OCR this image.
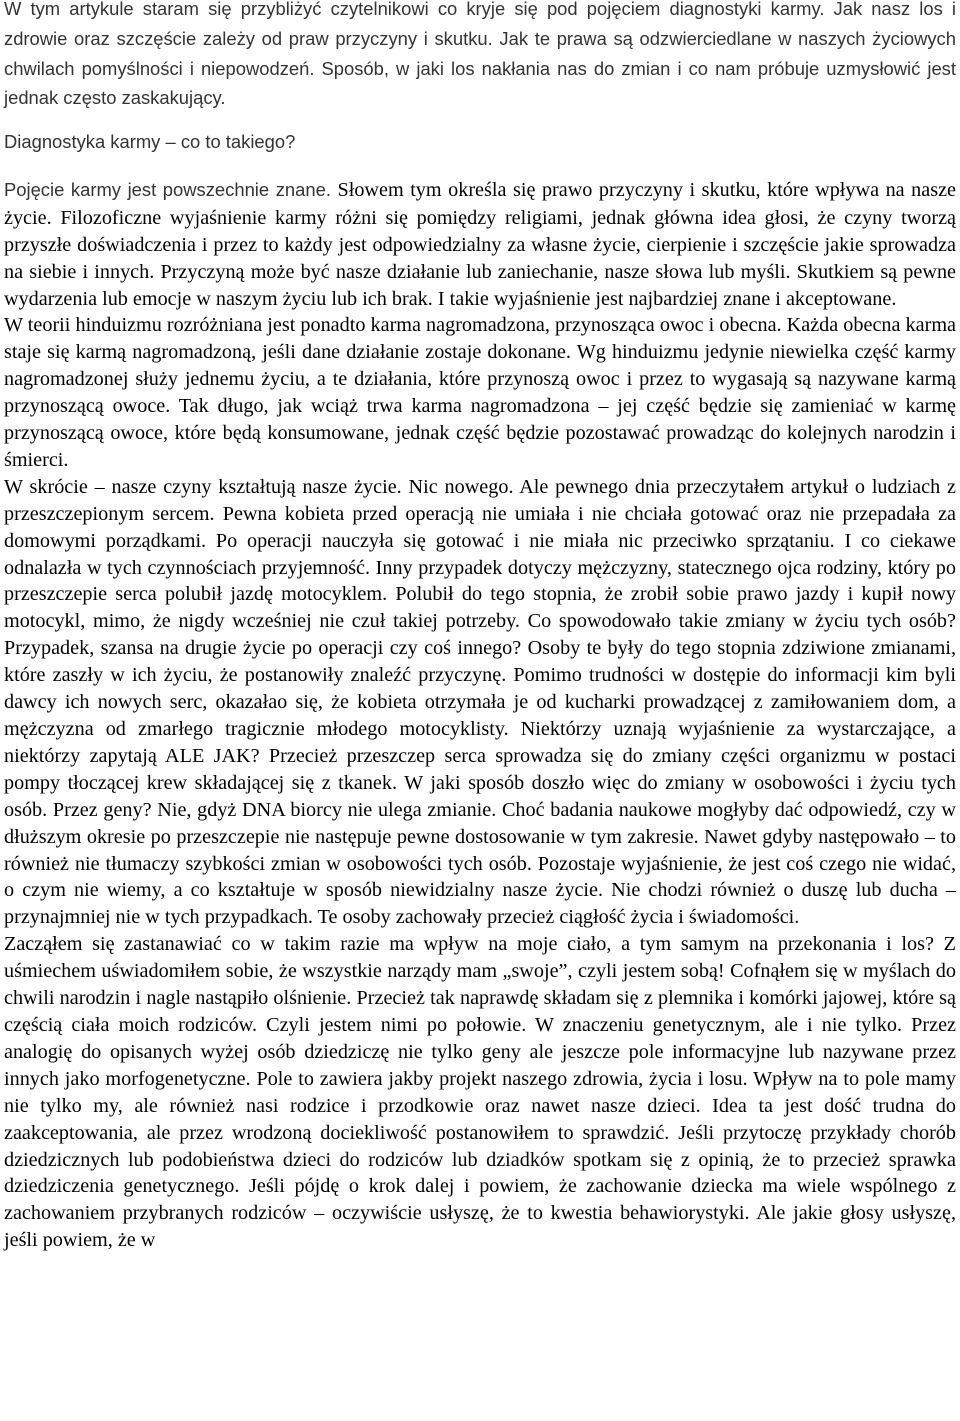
W tym artykule staram się przybliżyć czytelnikowi co kryje się pod pojęciem diagnostyki karmy. Jak nasz los i zdrowie oraz szczęście zależy od praw przyczyny i skutku. Jak te prawa są odzwierciedlane w naszych życiowych chwilach pomyślności i niepowodzeń. Sposób, w jaki los nakłania nas do zmian i co nam próbuje uzmysłowić jest jednak często zaskakujący.

Diagnostyka karmy – co to takiego?

Pojęcie karmy jest powszechnie znane. Słowem tym określa się prawo przyczyny i skutku, które wpływa na nasze życie. Filozoficzne wyjaśnienie karmy różni się pomiędzy religiami, jednak główna idea głosi, że czyny tworzą przyszłe doświadczenia i przez to każdy jest odpowiedzialny za własne życie, cierpienie i szczęście jakie sprowadza na siebie i innych. Przyczyną może być nasze działanie lub zaniechanie, nasze słowa lub myśli. Skutkiem są pewne wydarzenia lub emocje w naszym życiu lub ich brak. I takie wyjaśnienie jest najbardziej znane i akceptowane.

W teorii hinduizmu rozróżniana jest ponadto karma nagromadzona, przynosząca owoc i obecna. Każda obecna karma staje się karmą nagromadzoną, jeśli dane działanie zostaje dokonane. Wg hinduizmu jedynie niewielka część karmy nagromadzonej służy jednemu życiu, a te działania, które przynoszą owoc i przez to wygasają są nazywane karmą przynoszącą owoce. Tak długo, jak wciąż trwa karma nagromadzona – jej część będzie się zamieniać w karmę przynoszącą owoce, które będą konsumowane, jednak część będzie pozostawać prowadząc do kolejnych narodzin i śmierci.

W skrócie – nasze czyny kształtują nasze życie. Nic nowego. Ale pewnego dnia przeczytałem artykuł o ludziach z przeszczepionym sercem. Pewna kobieta przed operacją nie umiała i nie chciała gotować oraz nie przepadała za domowymi porządkami. Po operacji nauczyła się gotować i nie miała nic przeciwko sprzątaniu. I co ciekawe odnalazła w tych czynnościach przyjemność. Inny przypadek dotyczy mężczyzny, statecznego ojca rodziny, który po przeszczepie serca polubił jazdę motocyklem. Polubił do tego stopnia, że zrobił sobie prawo jazdy i kupił nowy motocykl, mimo, że nigdy wcześniej nie czuł takiej potrzeby. Co spowodowało takie zmiany w życiu tych osób? Przypadek, szansa na drugie życie po operacji czy coś innego? Osoby te były do tego stopnia zdziwione zmianami, które zaszły w ich życiu, że postanowiły znaleźć przyczynę. Pomimo trudności w dostępie do informacji kim byli dawcy ich nowych serc, okazałao się, że kobieta otrzymała je od kucharki prowadzącej z zamiłowaniem dom, a mężczyzna od zmarłego tragicznie młodego motocyklisty. Niektórzy uznają wyjaśnienie za wystarczające, a niektórzy zapytają ALE JAK? Przecież przeszczep serca sprowadza się do zmiany części organizmu w postaci pompy tłoczącej krew składającej się z tkanek. W jaki sposób doszło więc do zmiany w osobowości i życiu tych osób. Przez geny? Nie, gdyż DNA biorcy nie ulega zmianie. Choć badania naukowe mogłyby dać odpowiedź, czy w dłuższym okresie po przeszczepie nie następuje pewne dostosowanie w tym zakresie. Nawet gdyby następowało – to również nie tłumaczy szybkości zmian w osobowości tych osób. Pozostaje wyjaśnienie, że jest coś czego nie widać, o czym nie wiemy, a co kształtuje w sposób niewidzialny nasze życie. Nie chodzi również o duszę lub ducha – przynajmniej nie w tych przypadkach. Te osoby zachowały przecież ciągłość życia i świadomości.

Zacząłem się zastanawiać co w takim razie ma wpływ na moje ciało, a tym samym na przekonania i los? Z uśmiechem uświadomiłem sobie, że wszystkie narządy mam „swoje”, czyli jestem sobą! Cofnąłem się w myślach do chwili narodzin i nagle nastąpiło olśnienie. Przecież tak naprawdę składam się z plemnika i komórki jajowej, które są częścią ciała moich rodziców. Czyli jestem nimi po połowie. W znaczeniu genetycznym, ale i nie tylko. Przez analogię do opisanych wyżej osób dziedziczę nie tylko geny ale jeszcze pole informacyjne lub nazywane przez innych jako morfogenetyczne. Pole to zawiera jakby projekt naszego zdrowia, życia i losu. Wpływ na to pole mamy nie tylko my, ale również nasi rodzice i przodkowie oraz nawet nasze dzieci. Idea ta jest dość trudna do zaakceptowania, ale przez wrodzoną dociekliwość postanowiłem to sprawdzić. Jeśli przytoczę przykłady chorób dziedzicznych lub podobieństwa dzieci do rodziców lub dziadków spotkam się z opinią, że to przecież sprawka dziedziczenia genetycznego. Jeśli pójdę o krok dalej i powiem, że zachowanie dziecka ma wiele wspólnego z zachowaniem przybranych rodziców – oczywiście usłyszę, że to kwestia behawiorystyki. Ale jakie głosy usłyszę, jeśli powiem, że w
